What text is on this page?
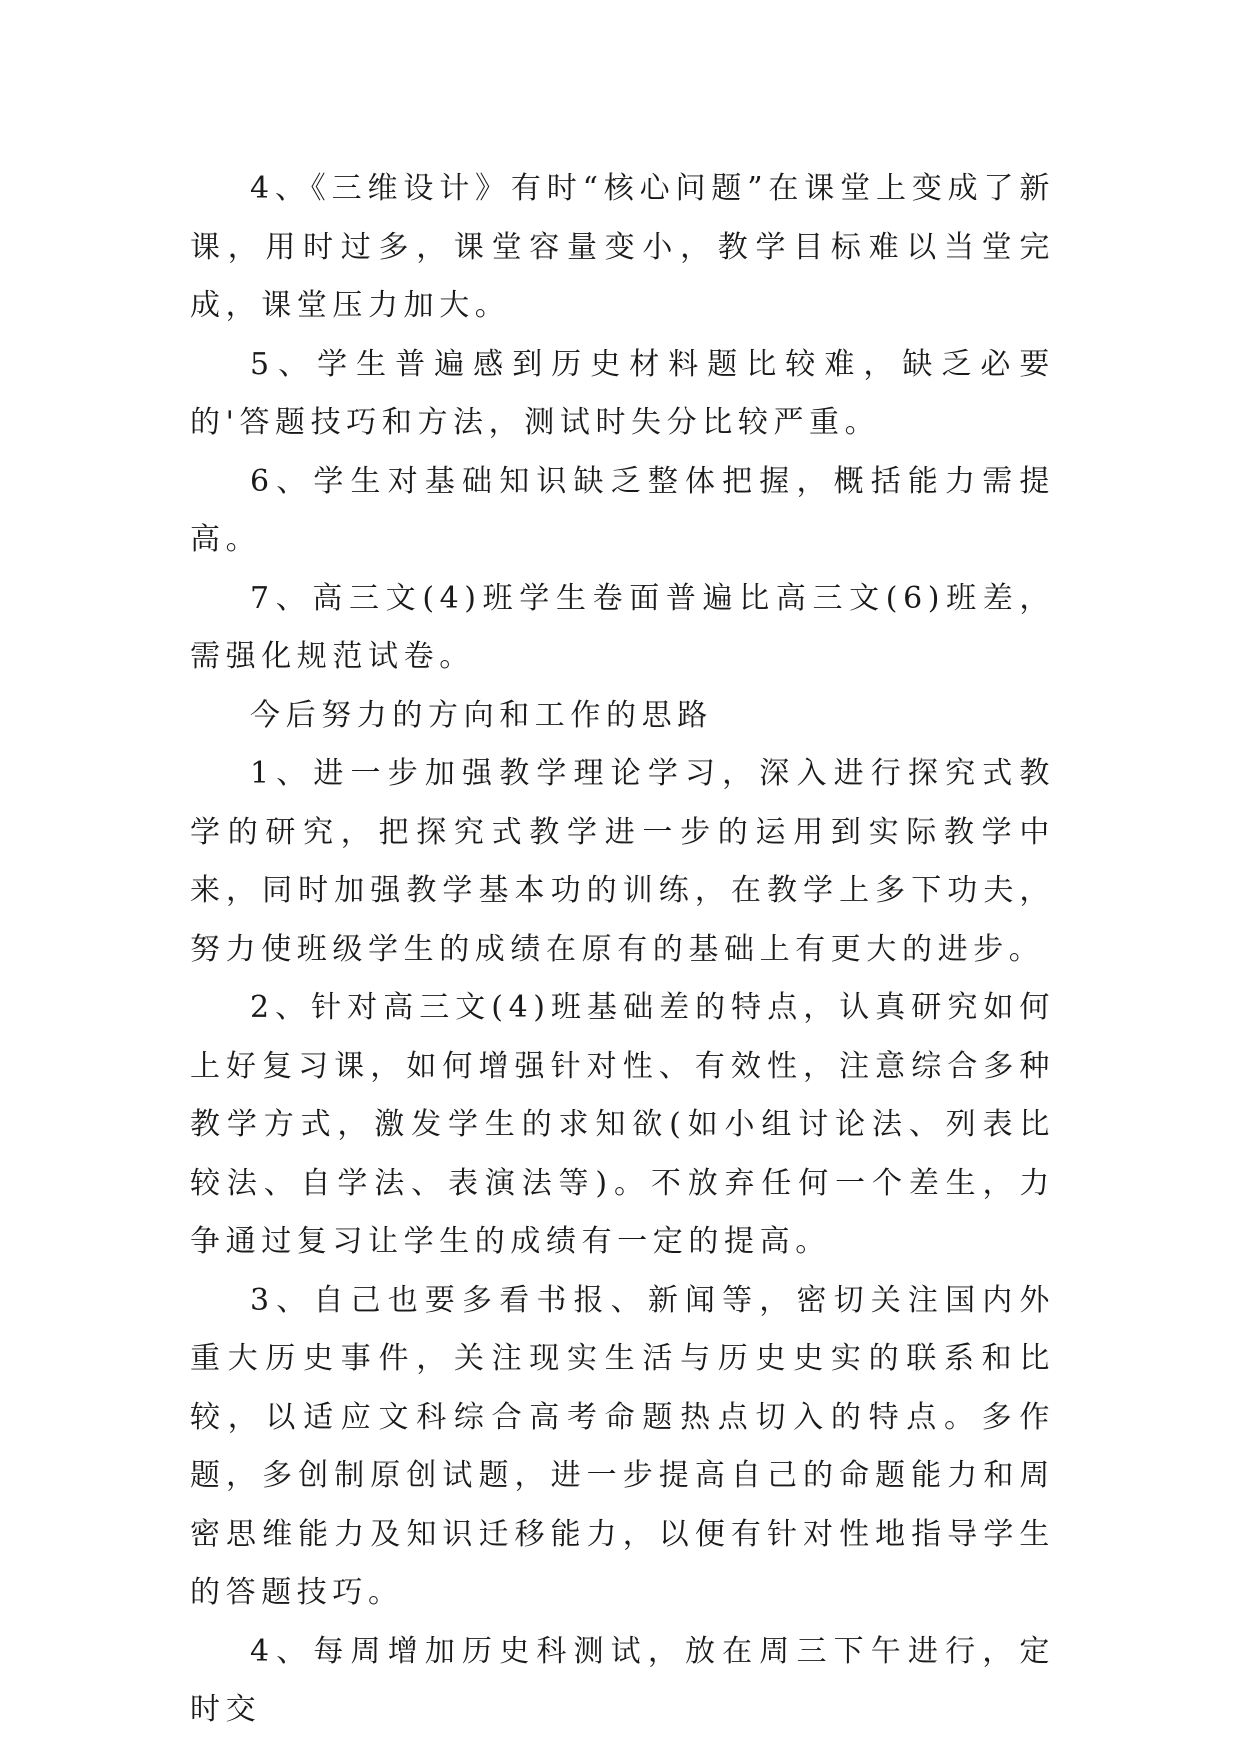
4、《三维设计》有时“核心问题”在课堂上变成了新课，用时过多，课堂容量变小，教学目标难以当堂完成，课堂压力加大。

5、学生普遍感到历史材料题比较难，缺乏必要的'答题技巧和方法，测试时失分比较严重。

6、学生对基础知识缺乏整体把握，概括能力需提高。

7、高三文(4)班学生卷面普遍比高三文(6)班差，需强化规范试卷。

今后努力的方向和工作的思路

1、进一步加强教学理论学习，深入进行探究式教学的研究，把探究式教学进一步的运用到实际教学中来，同时加强教学基本功的训练，在教学上多下功夫，努力使班级学生的成绩在原有的基础上有更大的进步。

2、针对高三文(4)班基础差的特点，认真研究如何上好复习课，如何增强针对性、有效性，注意综合多种教学方式，激发学生的求知欲(如小组讨论法、列表比较法、自学法、表演法等)。不放弃任何一个差生，力争通过复习让学生的成绩有一定的提高。

3、自己也要多看书报、新闻等，密切关注国内外重大历史事件，关注现实生活与历史史实的联系和比较，以适应文科综合高考命题热点切入的特点。多作题，多创制原创试题，进一步提高自己的命题能力和周密思维能力及知识迁移能力，以便有针对性地指导学生的答题技巧。

4、每周增加历史科测试，放在周三下午进行，定时交
